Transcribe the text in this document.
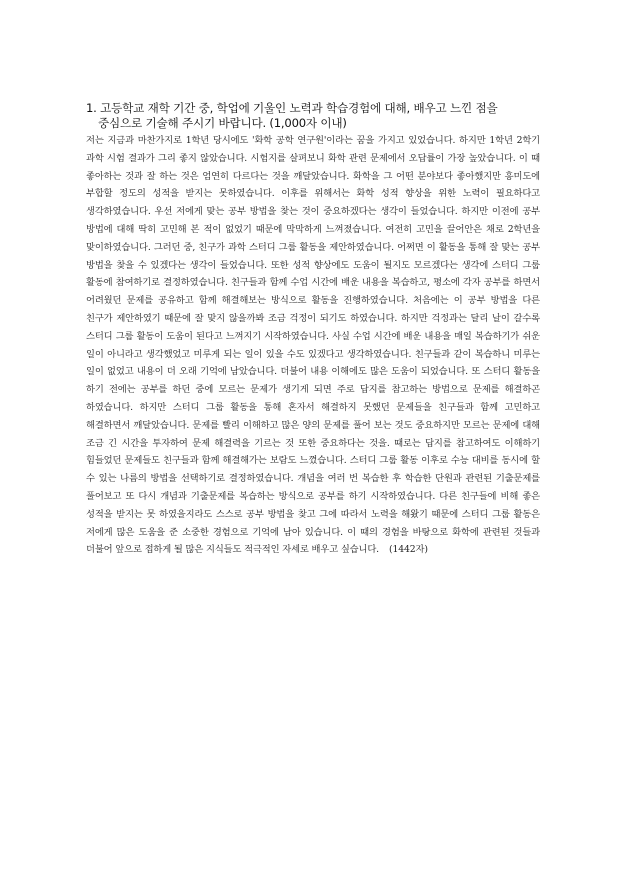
1. 고등학교 재학 기간 중, 학업에 기울인 노력과 학습경험에 대해, 배우고 느낀 점을
중심으로 기술해 주시기 바랍니다. (1,000자 이내)

저는 지금과 마찬가지로 1학년 당시에도 '화학 공학 연구원'이라는 꿈을 가지고 있었습니다. 하지만 1학년 2학기 과학 시험 결과가 그리 좋지 않았습니다. 시험지를 살펴보니 화학 관련 문제에서 오답률이 가장 높았습니다. 이 때 좋아하는 것과 잘 하는 것은 엄연히 다르다는 것을 깨달았습니다. 화학을 그 어떤 분야보다 좋아했지만 흥미도에 부합할 정도의 성적을 받지는 못하였습니다. 이후를 위해서는 화학 성적 향상을 위한 노력이 필요하다고 생각하였습니다. 우선 저에게 맞는 공부 방법을 찾는 것이 중요하겠다는 생각이 들었습니다. 하지만 이전에 공부 방법에 대해 딱히 고민해 본 적이 없었기 때문에 막막하게 느껴졌습니다. 여전히 고민을 끌어안은 채로 2학년을 맞이하였습니다. 그러던 중, 친구가 과학 스터디 그룹 활동을 제안하였습니다. 어쩌면 이 활동을 통해 잘 맞는 공부 방법을 찾을 수 있겠다는 생각이 들었습니다. 또한 성적 향상에도 도움이 될지도 모르겠다는 생각에 스터디 그룹 활동에 참여하기로 결정하였습니다. 친구들과 함께 수업 시간에 배운 내용을 복습하고, 평소에 각자 공부를 하면서 어려웠던 문제를 공유하고 함께 해결해보는 방식으로 활동을 진행하였습니다. 처음에는 이 공부 방법을 다른 친구가 제안하였기 때문에 잘 맞지 않을까봐 조금 걱정이 되기도 하였습니다. 하지만 걱정과는 달리 날이 갈수록 스터디 그룹 활동이 도움이 된다고 느껴지기 시작하였습니다. 사실 수업 시간에 배운 내용을 매일 복습하기가 쉬운 일이 아니라고 생각했었고 미루게 되는 일이 있을 수도 있겠다고 생각하였습니다. 친구들과 같이 복습하니 미루는 일이 없었고 내용이 더 오래 기억에 남았습니다. 더불어 내용 이해에도 많은 도움이 되었습니다. 또 스터디 활동을 하기 전에는 공부를 하던 중에 모르는 문제가 생기게 되면 주로 답지를 참고하는 방법으로 문제를 해결하곤 하였습니다. 하지만 스터디 그룹 활동을 통해 혼자서 해결하지 못했던 문제들을 친구들과 함께 고민하고 해결하면서 깨달았습니다. 문제를 빨리 이해하고 많은 양의 문제를 풀어 보는 것도 중요하지만 모르는 문제에 대해 조금 긴 시간을 투자하여 문제 해결력을 기르는 것 또한 중요하다는 것을. 때로는 답지를 참고하여도 이해하기 힘들었던 문제들도 친구들과 함께 해결해가는 보람도 느꼈습니다. 스터디 그룹 활동 이후로 수능 대비를 동시에 할 수 있는 나름의 방법을 선택하기로 결정하였습니다. 개념을 여러 번 복습한 후 학습한 단원과 관련된 기출문제를 풀어보고 또 다시 개념과 기출문제를 복습하는 방식으로 공부를 하기 시작하였습니다. 다른 친구들에 비해 좋은 성적을 받지는 못 하였을지라도 스스로 공부 방법을 찾고 그에 따라서 노력을 해왔기 때문에 스터디 그룹 활동은 저에게 많은 도움을 준 소중한 경험으로 기억에 남아 있습니다. 이 때의 경험을 바탕으로 화학에 관련된 것들과 더불어 앞으로 접하게 될 많은 지식들도 적극적인 자세로 배우고 싶습니다. (1442자)
